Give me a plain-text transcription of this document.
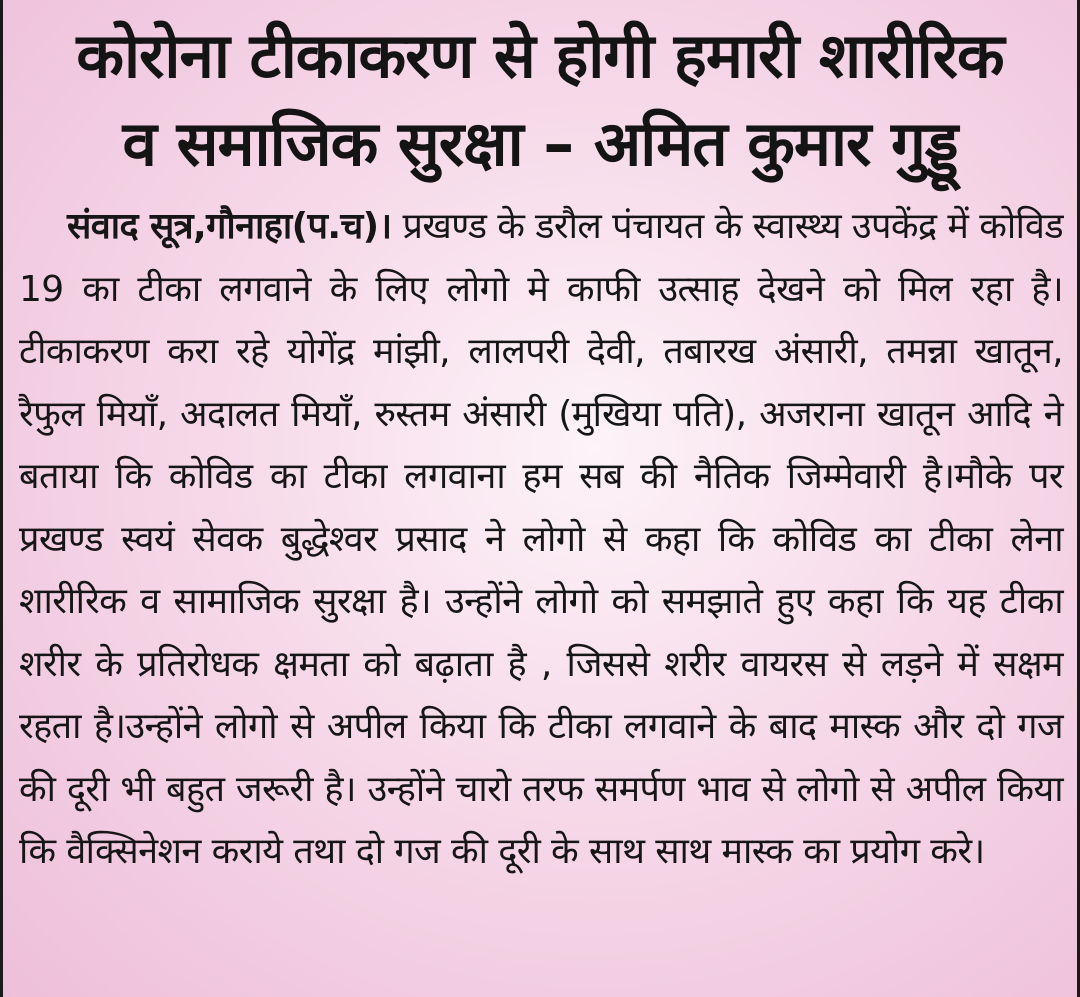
कोरोना टीकाकरण से होगी हमारी शारीरिक
व समाजिक सुरक्षा – अमित कुमार गुड्डू
संवाद सूत्र,गौनाहा(प.च)। प्रखण्ड के डरौल पंचायत के स्वास्थ्य उपकेंद्र में कोविड 19 का टीका लगवाने के लिए लोगो मे काफी उत्साह देखने को मिल रहा है।टीकाकरण करा रहे योगेंद्र मांझी, लालपरी देवी, तबारख अंसारी, तमन्ना खातून, रैफुल मियाँ, अदालत मियाँ, रुस्तम अंसारी (मुखिया पति), अजराना खातून आदि ने बताया कि कोविड का टीका लगवाना हम सब की नैतिक जिम्मेवारी है।मौके पर प्रखण्ड स्वयं सेवक बुद्धेश्वर प्रसाद ने लोगो से कहा कि कोविड का टीका लेना शारीरिक व सामाजिक सुरक्षा है। उन्होंने लोगो को समझाते हुए कहा कि यह टीका शरीर के प्रतिरोधक क्षमता को बढ़ाता है , जिससे शरीर वायरस से लड़ने में सक्षम रहता है।उन्होंने लोगो से अपील किया कि टीका लगवाने के बाद मास्क और दो गज की दूरी भी बहुत जरूरी है। उन्होंने चारो तरफ समर्पण भाव से लोगो से अपील किया कि वैक्सिनेशन कराये तथा दो गज की दूरी के साथ साथ मास्क का प्रयोग करे।
